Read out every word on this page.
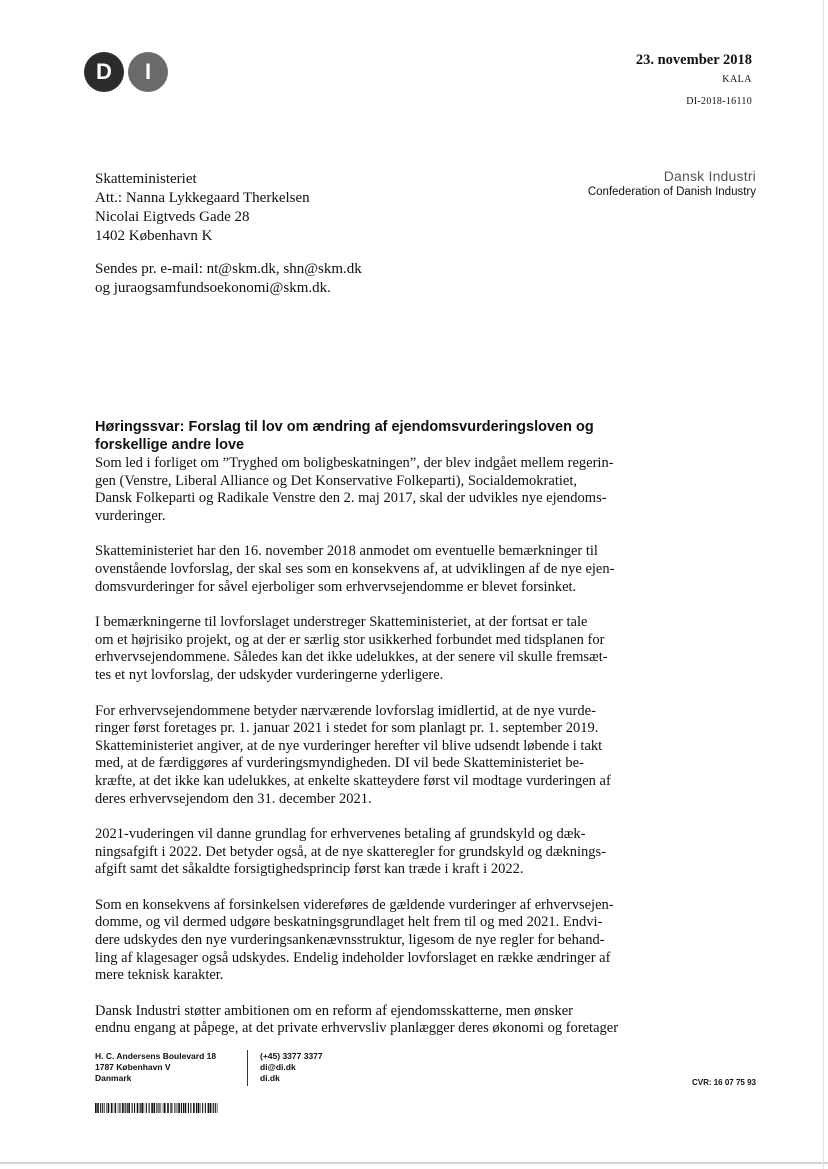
D	I	23. november 2018
KALA
DI-2018-16110
Dansk Industri
Confederation of Danish Industry
Skatteministeriet
Att.: Nanna Lykkegaard Therkelsen
Nicolai Eigtveds Gade 28
1402 København K
Sendes pr. e-mail: nt@skm.dk, shn@skm.dk
og juraogsamfundsoekonomi@skm.dk.
Høringssvar: Forslag til lov om ændring af ejendomsvurderingsloven og
forskellige andre love

Som led i forliget om ”Tryghed om boligbeskatningen”, der blev indgået mellem regerin-
gen (Venstre, Liberal Alliance og Det Konservative Folkeparti), Socialdemokratiet,
Dansk Folkeparti og Radikale Venstre den 2. maj 2017, skal der udvikles nye ejendoms-
vurderinger.

Skatteministeriet har den 16. november 2018 anmodet om eventuelle bemærkninger til
ovenstående lovforslag, der skal ses som en konsekvens af, at udviklingen af de nye ejen-
domsvurderinger for såvel ejerboliger som erhvervsejendomme er blevet forsinket.

I bemærkningerne til lovforslaget understreger Skatteministeriet, at der fortsat er tale
om et højrisiko projekt, og at der er særlig stor usikkerhed forbundet med tidsplanen for
erhvervsejendommene. Således kan det ikke udelukkes, at der senere vil skulle fremsæt-
tes et nyt lovforslag, der udskyder vurderingerne yderligere.

For erhvervsejendommene betyder nærværende lovforslag imidlertid, at de nye vurde-
ringer først foretages pr. 1. januar 2021 i stedet for som planlagt pr. 1. september 2019.
Skatteministeriet angiver, at de nye vurderinger herefter vil blive udsendt løbende i takt
med, at de færdiggøres af vurderingsmyndigheden. DI vil bede Skatteministeriet be-
kræfte, at det ikke kan udelukkes, at enkelte skatteydere først vil modtage vurderingen af
deres erhvervsejendom den 31. december 2021.

2021-vuderingen vil danne grundlag for erhvervenes betaling af grundskyld og dæk-
ningsafgift i 2022. Det betyder også, at de nye skatteregler for grundskyld og dæknings-
afgift samt det såkaldte forsigtighedsprincip først kan træde i kraft i 2022.

Som en konsekvens af forsinkelsen videreføres de gældende vurderinger af erhvervsejen-
domme, og vil dermed udgøre beskatningsgrundlaget helt frem til og med 2021. Endvi-
dere udskydes den nye vurderingsankenævnsstruktur, ligesom de nye regler for behand-
ling af klagesager også udskydes. Endelig indeholder lovforslaget en række ændringer af
mere teknisk karakter.

Dansk Industri støtter ambitionen om en reform af ejendomsskatterne, men ønsker
endnu engang at påpege, at det private erhvervsliv planlægger deres økonomi og foretager

H. C. Andersens Boulevard 18
1787 København V
Danmark
(+45) 3377 3377
di@di.dk
di.dk	CVR: 16 07 75 93
